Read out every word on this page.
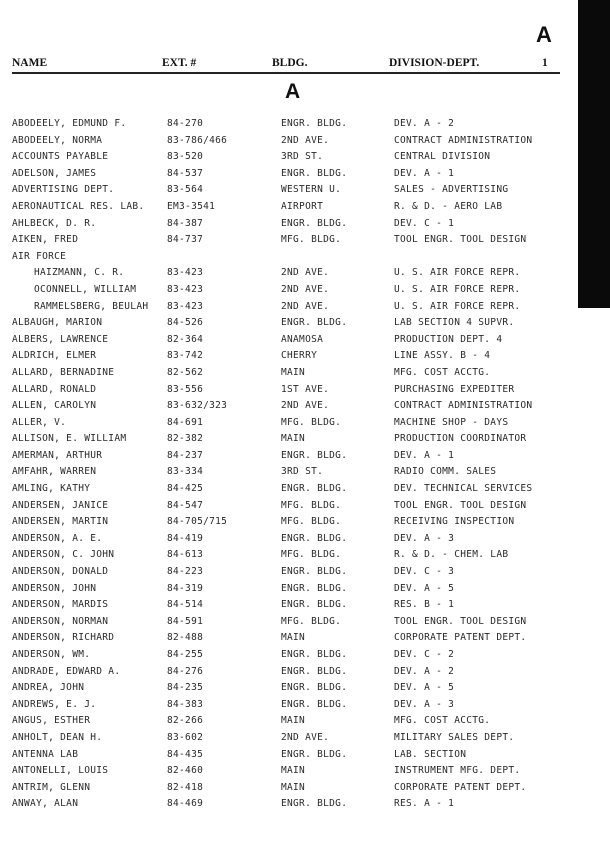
A
NAME	EXT. #	BLDG.	DIVISION-DEPT.	1
A
ABODEELY, EDMUND F.	84-270	ENGR. BLDG.	DEV. A - 2
ABODEELY, NORMA	83-786/466	2ND AVE.	CONTRACT ADMINISTRATION
ACCOUNTS PAYABLE	83-520	3RD ST.	CENTRAL DIVISION
ADELSON, JAMES	84-537	ENGR. BLDG.	DEV. A - 1
ADVERTISING DEPT.	83-564	WESTERN U.	SALES - ADVERTISING
AERONAUTICAL RES. LAB. EM3-3541	AIRPORT	R. & D. - AERO LAB
AHLBECK, D. R.	84-387	ENGR. BLDG.	DEV. C - 1
AIKEN, FRED	84-737	MFG. BLDG.	TOOL ENGR. TOOL DESIGN
AIR FORCE
HAIZMANN, C. R.	83-423	2ND AVE.	U. S. AIR FORCE REPR.
OCONNELL, WILLIAM	83-423	2ND AVE.	U. S. AIR FORCE REPR.
RAMMELSBERG, BEULAH 83-423	2ND AVE.	U. S. AIR FORCE REPR.
ALBAUGH, MARION	84-526	ENGR. BLDG.	LAB SECTION 4 SUPVR.
ALBERS, LAWRENCE	82-364	ANAMOSA	PRODUCTION DEPT. 4
ALDRICH, ELMER	83-742	CHERRY	LINE ASSY. B - 4
ALLARD, BERNADINE	82-562	MAIN	MFG. COST ACCTG.
ALLARD, RONALD	83-556	1ST AVE.	PURCHASING EXPEDITER
ALLEN, CAROLYN	83-632/323	2ND AVE.	CONTRACT ADMINISTRATION
ALLER, V.	84-691	MFG. BLDG.	MACHINE SHOP - DAYS
ALLISON, E. WILLIAM	82-382	MAIN	PRODUCTION COORDINATOR
AMERMAN, ARTHUR	84-237	ENGR. BLDG.	DEV. A - 1
AMFAHR, WARREN	83-334	3RD ST.	RADIO COMM. SALES
AMLING, KATHY	84-425	ENGR. BLDG.	DEV. TECHNICAL SERVICES
ANDERSEN, JANICE	84-547	MFG. BLDG.	TOOL ENGR. TOOL DESIGN
ANDERSEN, MARTIN	84-705/715	MFG. BLDG.	RECEIVING INSPECTION
ANDERSON, A. E.	84-419	ENGR. BLDG.	DEV. A - 3
ANDERSON, C. JOHN	84-613	MFG. BLDG.	R. & D. - CHEM. LAB
ANDERSON, DONALD	84-223	ENGR. BLDG.	DEV. C - 3
ANDERSON, JOHN	84-319	ENGR. BLDG.	DEV. A - 5
ANDERSON, MARDIS	84-514	ENGR. BLDG.	RES. B - 1
ANDERSON, NORMAN	84-591	MFG. BLDG.	TOOL ENGR. TOOL DESIGN
ANDERSON, RICHARD	82-488	MAIN	CORPORATE PATENT DEPT.
ANDERSON, WM.	84-255	ENGR. BLDG.	DEV. C - 2
ANDRADE, EDWARD A.	84-276	ENGR. BLDG.	DEV. A - 2
ANDREA, JOHN	84-235	ENGR. BLDG.	DEV. A - 5
ANDREWS, E. J.	84-383	ENGR. BLDG.	DEV. A - 3
ANGUS, ESTHER	82-266	MAIN	MFG. COST ACCTG.
ANHOLT, DEAN H.	83-602	2ND AVE.	MILITARY SALES DEPT.
ANTENNA LAB	84-435	ENGR. BLDG.	LAB. SECTION
ANTONELLI, LOUIS	82-460	MAIN	INSTRUMENT MFG. DEPT.
ANTRIM, GLENN	82-418	MAIN	CORPORATE PATENT DEPT.
ANWAY, ALAN	84-469	ENGR. BLDG.	RES. A - 1
